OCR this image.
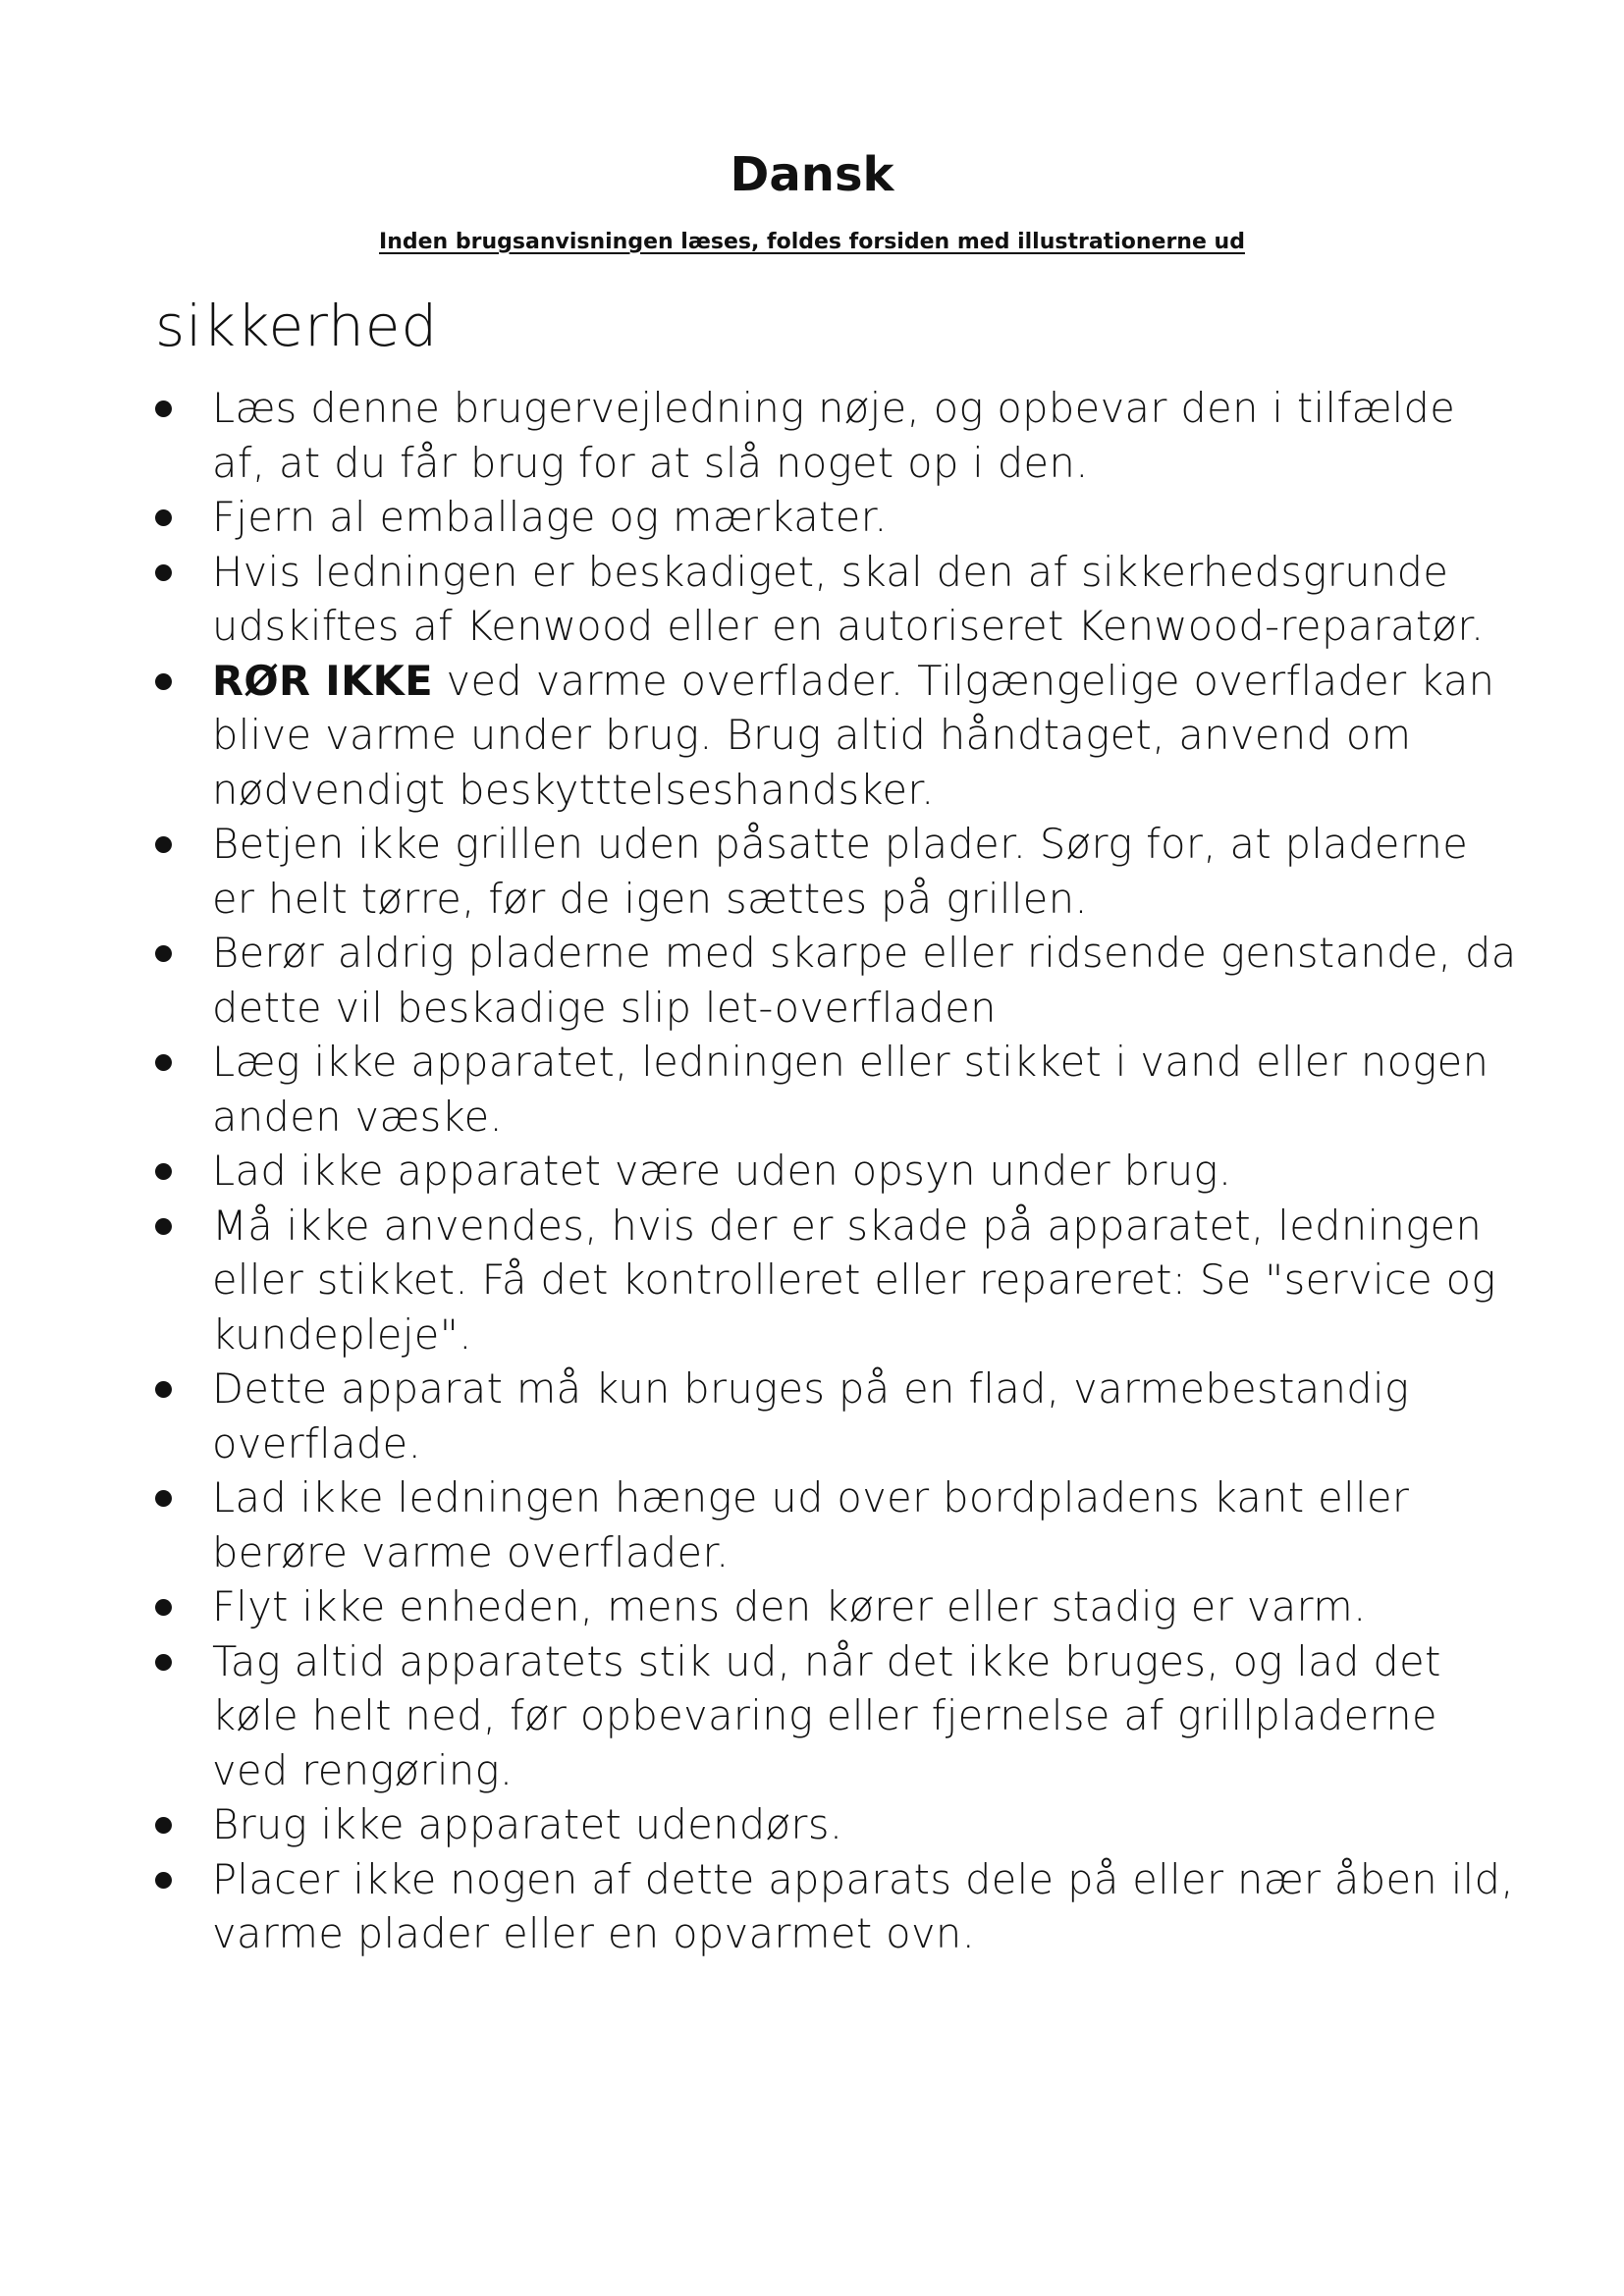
Dansk

Inden brugsanvisningen læses, foldes forsiden med illustrationerne ud

sikkerhed
Læs denne brugervejledning nøje, og opbevar den i tilfælde af, at du får brug for at slå noget op i den.
Fjern al emballage og mærkater.
Hvis ledningen er beskadiget, skal den af sikkerhedsgrunde udskiftes af Kenwood eller en autoriseret Kenwood-reparatør.
RØR IKKE ved varme overflader. Tilgængelige overflader kan blive varme under brug. Brug altid håndtaget, anvend om nødvendigt beskytttelseshandsker.
Betjen ikke grillen uden påsatte plader. Sørg for, at pladerne er helt tørre, før de igen sættes på grillen.
Berør aldrig pladerne med skarpe eller ridsende genstande, da dette vil beskadige slip let-overfladen
Læg ikke apparatet, ledningen eller stikket i vand eller nogen anden væske.
Lad ikke apparatet være uden opsyn under brug.
Må ikke anvendes, hvis der er skade på apparatet, ledningen eller stikket. Få det kontrolleret eller repareret: Se "service og kundepleje".
Dette apparat må kun bruges på en flad, varmebestandig overflade.
Lad ikke ledningen hænge ud over bordpladens kant eller berøre varme overflader.
Flyt ikke enheden, mens den kører eller stadig er varm.
Tag altid apparatets stik ud, når det ikke bruges, og lad det køle helt ned, før opbevaring eller fjernelse af grillpladerne ved rengøring.
Brug ikke apparatet udendørs.
Placer ikke nogen af dette apparats dele på eller nær åben ild, varme plader eller en opvarmet ovn.
